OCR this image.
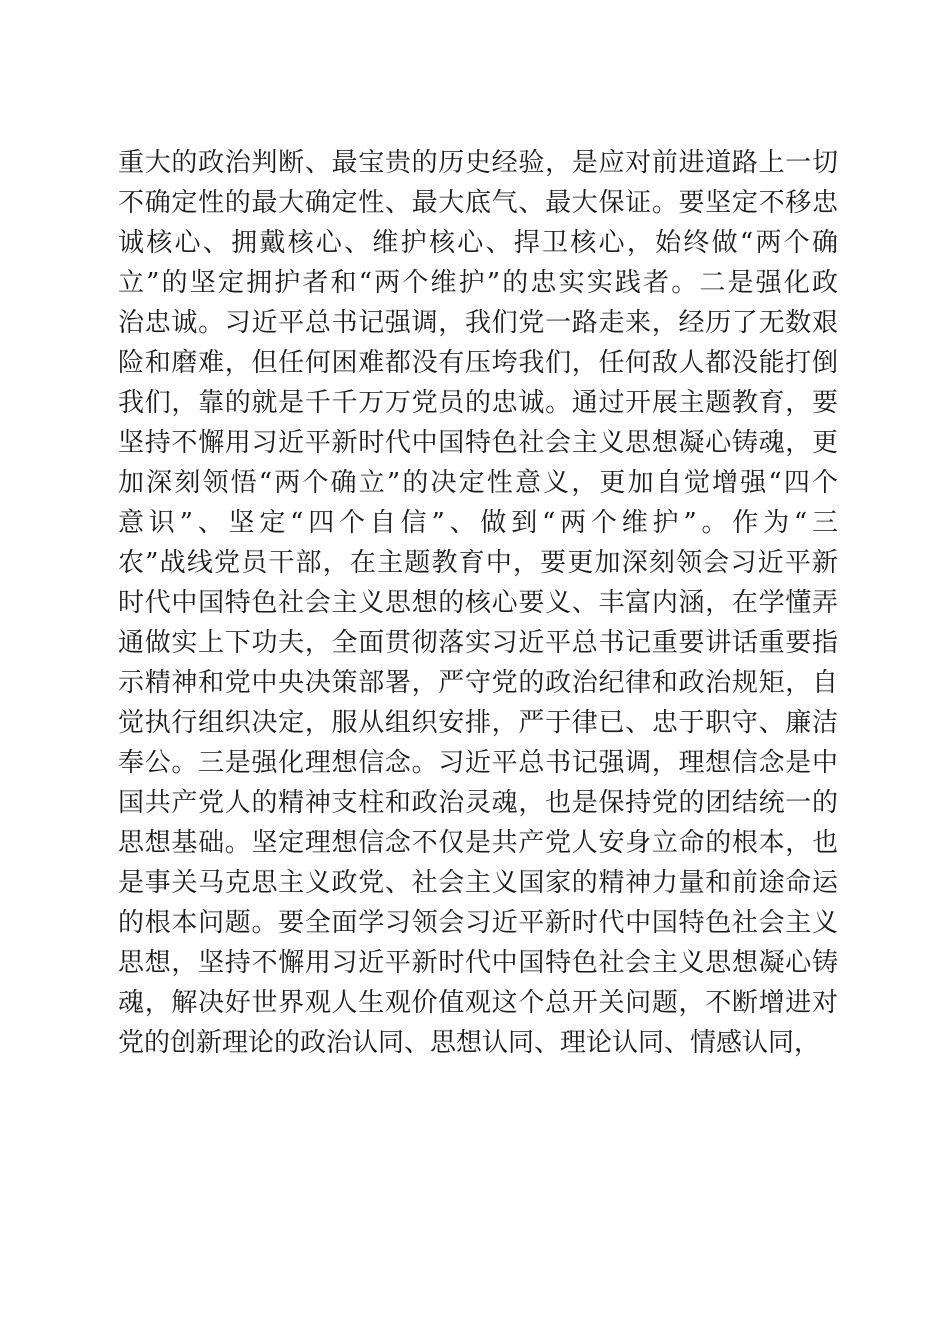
重大的政治判断、最宝贵的历史经验，是应对前进道路上一切
不确定性的最大确定性、最大底气、最大保证。要坚定不移忠
诚核心、拥戴核心、维护核心、捍卫核心，始终做“两个确
立”的坚定拥护者和“两个维护”的忠实实践者。二是强化政
治忠诚。习近平总书记强调，我们党一路走来，经历了无数艰
险和磨难，但任何困难都没有压垮我们，任何敌人都没能打倒
我们，靠的就是千千万万党员的忠诚。通过开展主题教育，要
坚持不懈用习近平新时代中国特色社会主义思想凝心铸魂，更
加深刻领悟“两个确立”的决定性意义，更加自觉增强“四个
意识”、坚定“四个自信”、做到“两个维护”。作为“三
农”战线党员干部，在主题教育中，要更加深刻领会习近平新
时代中国特色社会主义思想的核心要义、丰富内涵，在学懂弄
通做实上下功夫，全面贯彻落实习近平总书记重要讲话重要指
示精神和党中央决策部署，严守党的政治纪律和政治规矩，自
觉执行组织决定，服从组织安排，严于律已、忠于职守、廉洁
奉公。三是强化理想信念。习近平总书记强调，理想信念是中
国共产党人的精神支柱和政治灵魂，也是保持党的团结统一的
思想基础。坚定理想信念不仅是共产党人安身立命的根本，也
是事关马克思主义政党、社会主义国家的精神力量和前途命运
的根本问题。要全面学习领会习近平新时代中国特色社会主义
思想，坚持不懈用习近平新时代中国特色社会主义思想凝心铸
魂，解决好世界观人生观价值观这个总开关问题，不断增进对
党的创新理论的政治认同、思想认同、理论认同、情感认同，
